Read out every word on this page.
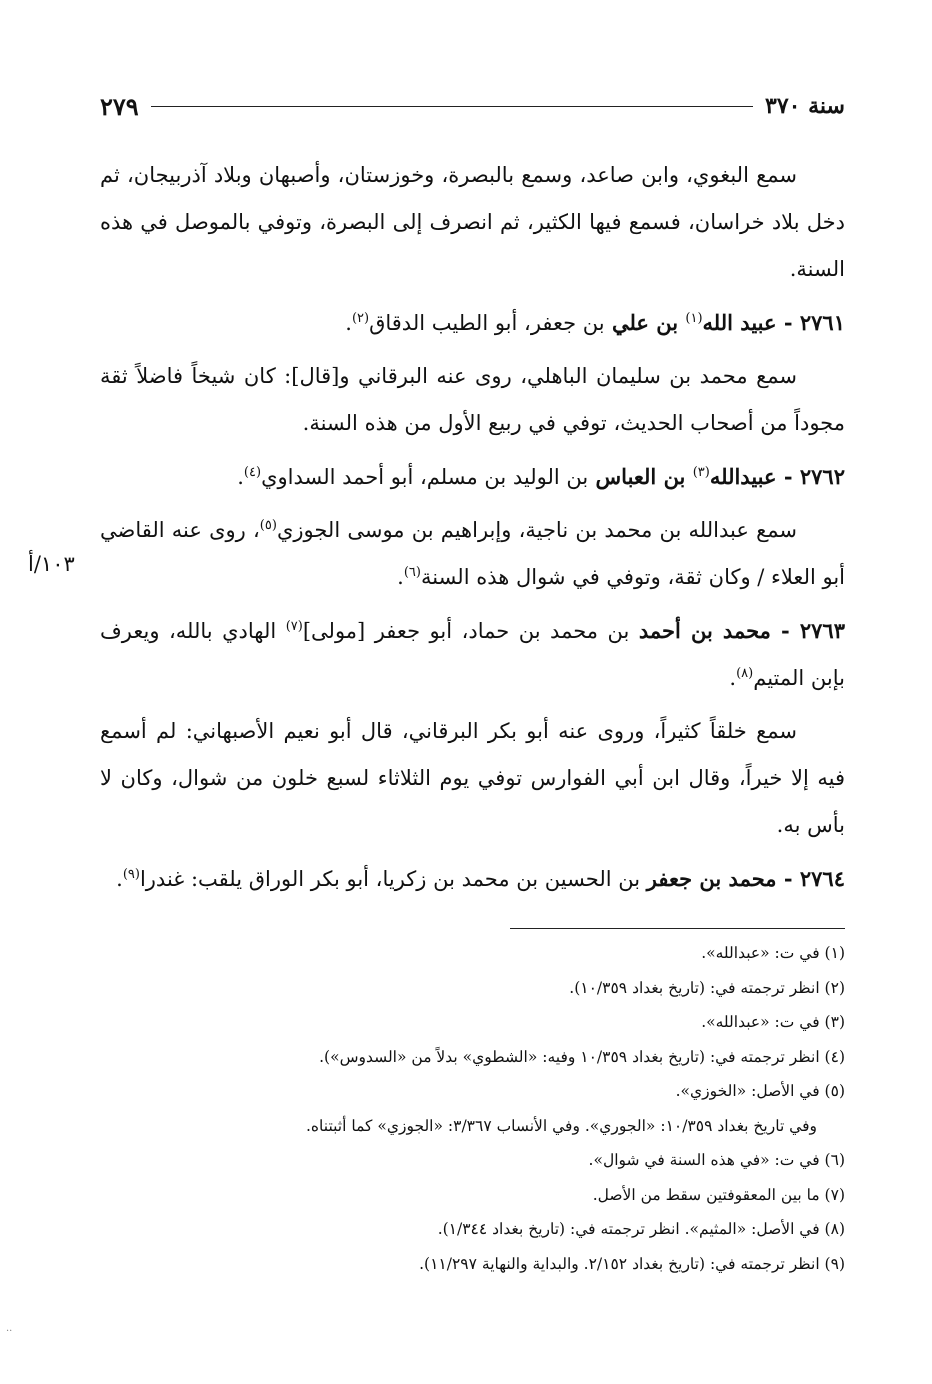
سنة ٣٧٠
٢٧٩

سمع البغوي، وابن صاعد، وسمع بالبصرة، وخوزستان، وأصبهان وبلاد آذربيجان، ثم دخل بلاد خراسان، فسمع فيها الكثير، ثم انصرف إلى البصرة، وتوفي بالموصل في هذه السنة.

٢٧٦١ - عبيد الله$^{(١)}$ بن علي بن جعفر، أبو الطيب الدقاق$^{(٢)}$.

سمع محمد بن سليمان الباهلي، روى عنه البرقاني و[قال]: كان شيخاً فاضلاً ثقة مجوداً من أصحاب الحديث، توفي في ربيع الأول من هذه السنة.

٢٧٦٢ - عبيدالله$^{(٣)}$ بن العباس بن الوليد بن مسلم، أبو أحمد السداوي$^{(٤)}$.

سمع عبدالله بن محمد بن ناجية، وإبراهيم بن موسى الجوزي$^{(٥)}$، روى عنه القاضي أبو العلاء / وكان ثقة، وتوفي في شوال هذه السنة$^{(٦)}$.

٢٧٦٣ - محمد بن أحمد بن محمد بن حماد، أبو جعفر [مولى]$^{(٧)}$ الهادي بالله، ويعرف بإبن المتيم$^{(٨)}$.

سمع خلقاً كثيراً، وروى عنه أبو بكر البرقاني، قال أبو نعيم الأصبهاني: لم أسمع فيه إلا خيراً، وقال ابن أبي الفوارس توفي يوم الثلاثاء لسبع خلون من شوال، وكان لا بأس به.

٢٧٦٤ - محمد بن جعفر بن الحسين بن محمد بن زكريا، أبو بكر الوراق يلقب: غندرا$^{(٩)}$.

١٠٣/أ
(١) في ت: «عبدالله».
(٢) انظر ترجمته في: (تاريخ بغداد ١٠/٣٥٩).
(٣) في ت: «عبدالله».
(٤) انظر ترجمته في: (تاريخ بغداد ١٠/٣٥٩ وفيه: «الشطوي» بدلاً من «السدوس»).
(٥) في الأصل: «الخوزي».
وفي تاريخ بغداد ١٠/٣٥٩: «الجوري». وفي الأنساب ٣/٣٦٧: «الجوزي» كما أثبتناه.
(٦) في ت: «في هذه السنة في شوال».
(٧) ما بين المعقوفتين سقط من الأصل.
(٨) في الأصل: «المثيم». انظر ترجمته في: (تاريخ بغداد ١/٣٤٤).
(٩) انظر ترجمته في: (تاريخ بغداد ٢/١٥٢. والبداية والنهاية ١١/٢٩٧).
··
